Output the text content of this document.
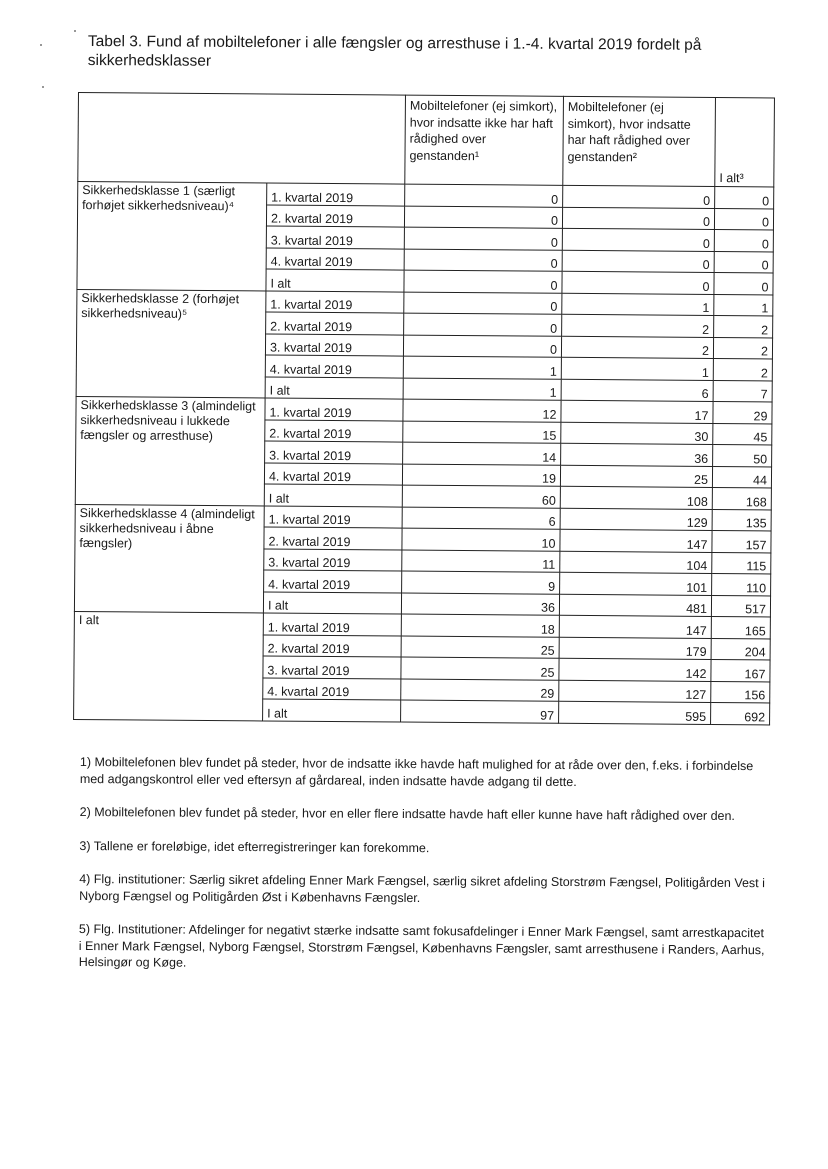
Tabel 3. Fund af mobiltelefoner i alle fængsler og arresthuse i 1.-4. kvartal 2019 fordelt på sikkerhedsklasser
		Mobiltelefoner (ej simkort), hvor indsatte ikke har haft rådighed over genstanden¹	Mobiltelefoner (ej simkort), hvor indsatte har haft rådighed over genstanden²	I alt³
Sikkerhedsklasse 1 (særligt forhøjet sikkerhedsniveau)⁴	1. kvartal 2019	0	0	0
	2. kvartal 2019	0	0	0
	3. kvartal 2019	0	0	0
	4. kvartal 2019	0	0	0
	I alt	0	0	0
Sikkerhedsklasse 2 (forhøjet sikkerhedsniveau)⁵	1. kvartal 2019	0	1	1
	2. kvartal 2019	0	2	2
	3. kvartal 2019	0	2	2
	4. kvartal 2019	1	1	2
	I alt	1	6	7
Sikkerhedsklasse 3 (almindeligt sikkerhedsniveau i lukkede fængsler og arresthuse)	1. kvartal 2019	12	17	29
	2. kvartal 2019	15	30	45
	3. kvartal 2019	14	36	50
	4. kvartal 2019	19	25	44
	I alt	60	108	168
Sikkerhedsklasse 4 (almindeligt sikkerhedsniveau i åbne fængsler)	1. kvartal 2019	6	129	135
	2. kvartal 2019	10	147	157
	3. kvartal 2019	11	104	115
	4. kvartal 2019	9	101	110
	I alt	36	481	517
I alt	1. kvartal 2019	18	147	165
	2. kvartal 2019	25	179	204
	3. kvartal 2019	25	142	167
	4. kvartal 2019	29	127	156
	I alt	97	595	692

1) Mobiltelefonen blev fundet på steder, hvor de indsatte ikke havde haft mulighed for at råde over den, f.eks. i forbindelse med adgangskontrol eller ved eftersyn af gårdareal, inden indsatte havde adgang til dette.

2) Mobiltelefonen blev fundet på steder, hvor en eller flere indsatte havde haft eller kunne have haft rådighed over den.

3) Tallene er foreløbige, idet efterregistreringer kan forekomme.

4) Flg. institutioner: Særlig sikret afdeling Enner Mark Fængsel, særlig sikret afdeling Storstrøm Fængsel, Politigården Vest i Nyborg Fængsel og Politigården Øst i Københavns Fængsler.

5) Flg. Institutioner: Afdelinger for negativt stærke indsatte samt fokusafdelinger i Enner Mark Fængsel, samt arrestkapacitet i Enner Mark Fængsel, Nyborg Fængsel, Storstrøm Fængsel, Københavns Fængsler, samt arresthusene i Randers, Aarhus, Helsingør og Køge.
